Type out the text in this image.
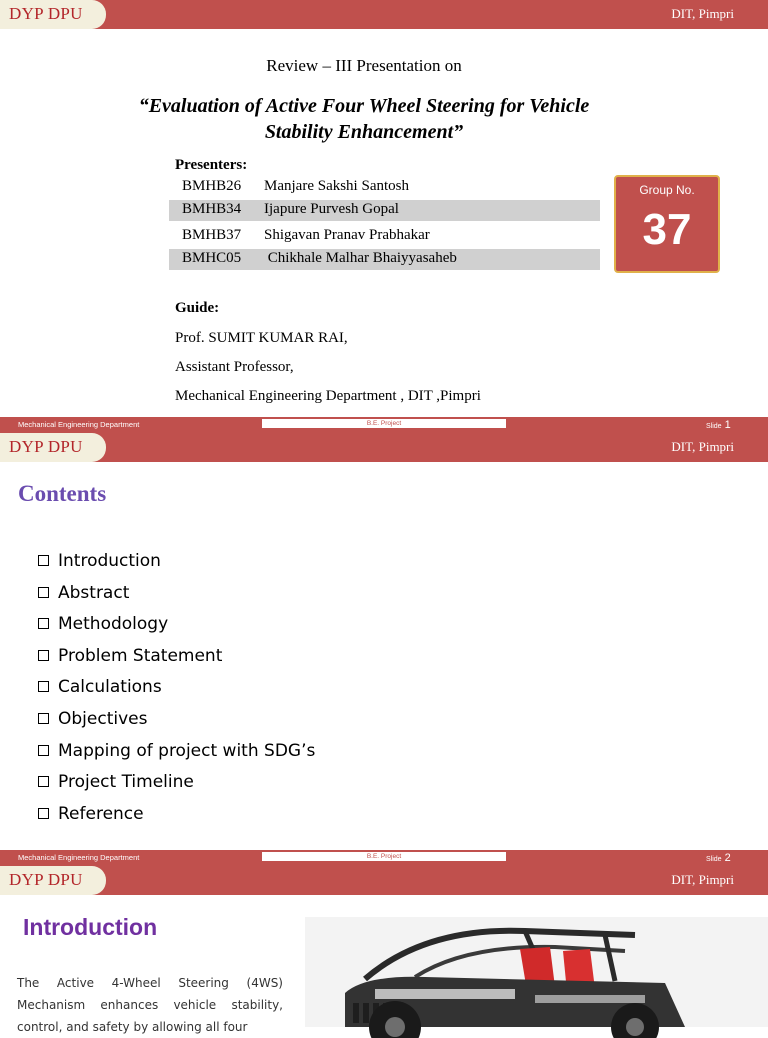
DYP DPU	DIT, Pimpri
Review – III Presentation on
“Evaluation of Active Four Wheel Steering for Vehicle
Stability Enhancement”
Presenters:
BMHB26 Manjare Sakshi Santosh
BMHB34 Ijapure Purvesh Gopal
BMHB37 Shigavan Pranav Prabhakar
BMHC05 Chikhale Malhar Bhaiyyasaheb
Group No.
37
Guide:
Prof. SUMIT KUMAR RAI,
Assistant Professor,
Mechanical Engineering Department , DIT ,Pimpri
Mechanical Engineering Department	B.E. Project	Slide 1
DYP DPU	DIT, Pimpri
Contents
Introduction
Abstract
Methodology
Problem Statement
Calculations
Objectives
Mapping of project with SDG’s
Project Timeline
Reference
Mechanical Engineering Department	B.E. Project	Slide 2
DYP DPU	DIT, Pimpri
Introduction
The Active 4-Wheel Steering (4WS) Mechanism enhances vehicle stability, control, and safety by allowing all four
